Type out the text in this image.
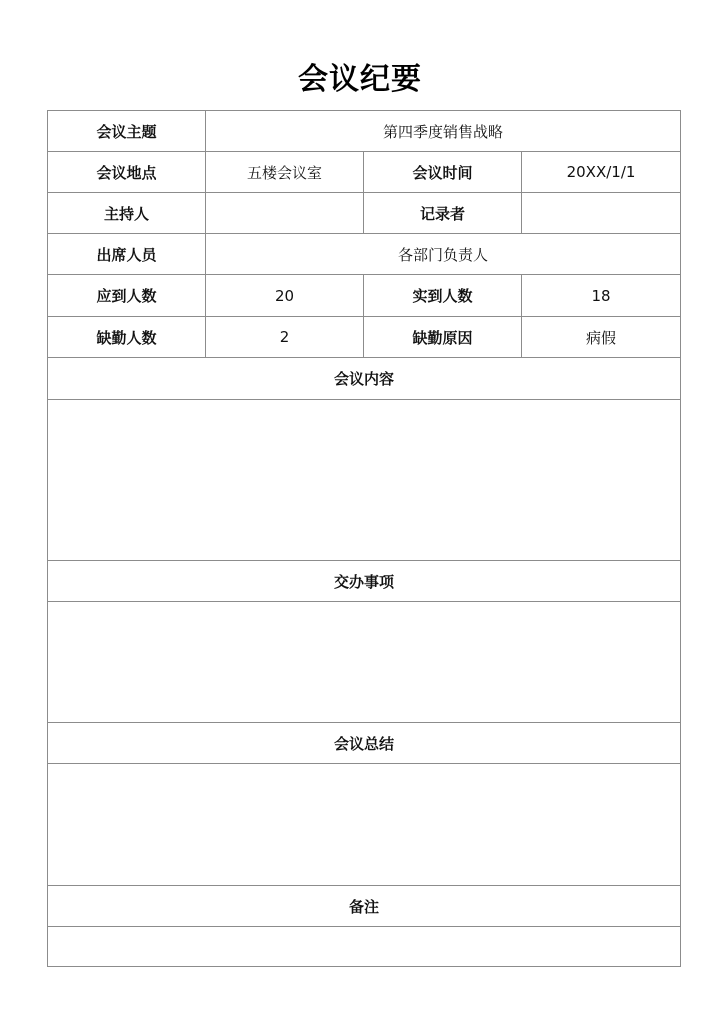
会议纪要
会议主题	第四季度销售战略		
会议地点	五楼会议室	会议时间	20XX/1/1
主持人		记录者	
出席人员	各部门负责人		
应到人数	20	实到人数	18
缺勤人数	2	缺勤原因	病假
会议内容			

交办事项			

会议总结			

备注			
